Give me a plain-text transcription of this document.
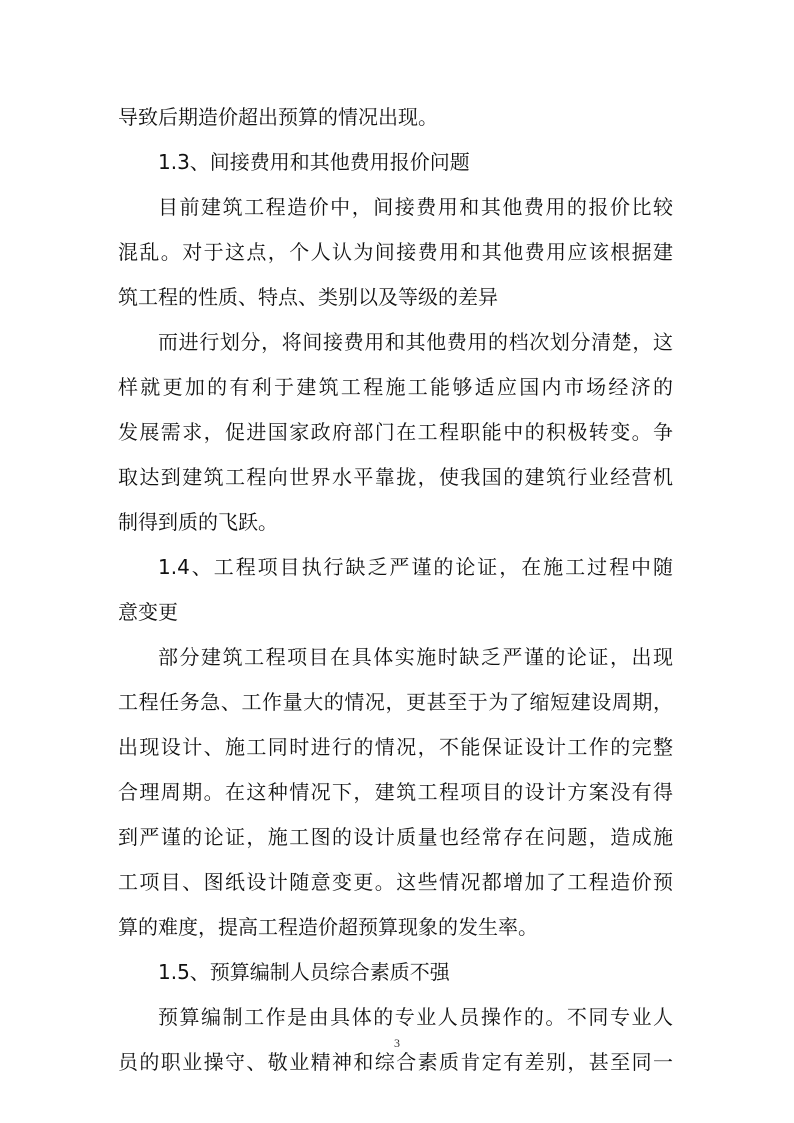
导致后期造价超出预算的情况出现。
1.3、间接费用和其他费用报价问题
目前建筑工程造价中，间接费用和其他费用的报价比较
混乱。对于这点，个人认为间接费用和其他费用应该根据建
筑工程的性质、特点、类别以及等级的差异
而进行划分，将间接费用和其他费用的档次划分清楚，这
样就更加的有利于建筑工程施工能够适应国内市场经济的
发展需求，促进国家政府部门在工程职能中的积极转变。争
取达到建筑工程向世界水平靠拢，使我国的建筑行业经营机
制得到质的飞跃。
1.4、工程项目执行缺乏严谨的论证，在施工过程中随
意变更
部分建筑工程项目在具体实施时缺乏严谨的论证，出现
工程任务急、工作量大的情况，更甚至于为了缩短建设周期，
出现设计、施工同时进行的情况，不能保证设计工作的完整
合理周期。在这种情况下，建筑工程项目的设计方案没有得
到严谨的论证，施工图的设计质量也经常存在问题，造成施
工项目、图纸设计随意变更。这些情况都增加了工程造价预
算的难度，提高工程造价超预算现象的发生率。
1.5、预算编制人员综合素质不强
预算编制工作是由具体的专业人员操作的。不同专业人
员的职业操守、敬业精神和综合素质肯定有差别，甚至同一
3
